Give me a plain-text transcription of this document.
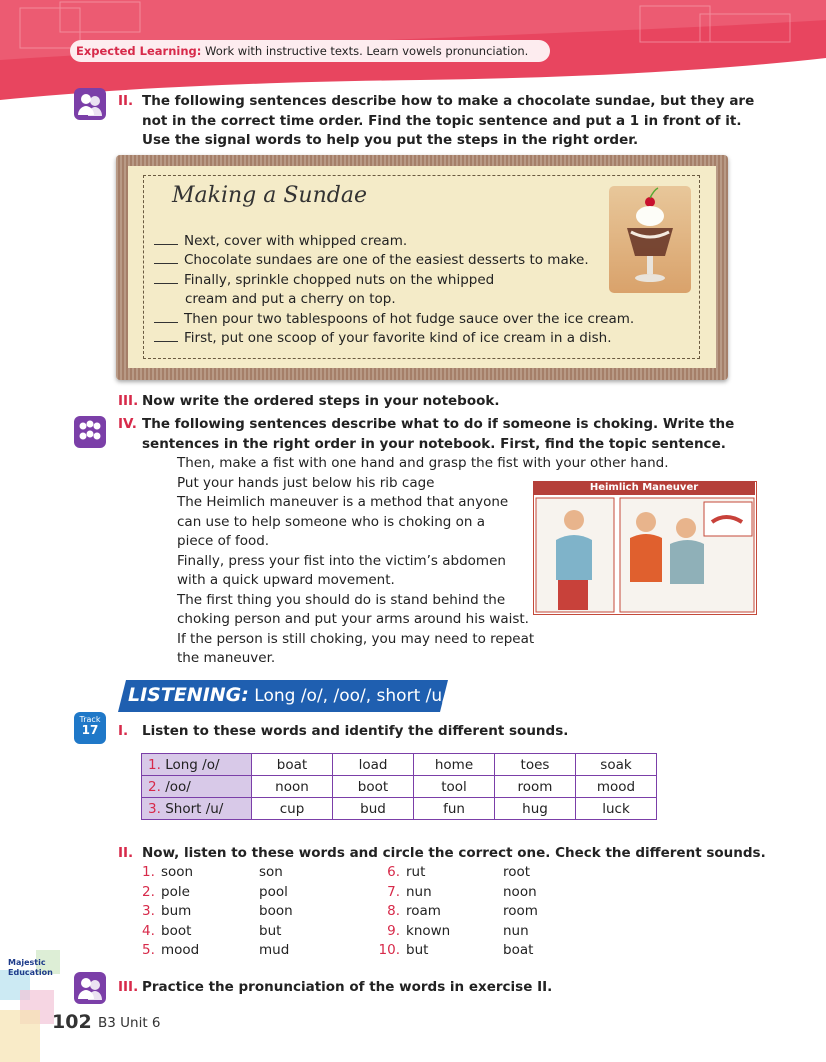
Expected Learning: Work with instructive texts. Learn vowels pronunciation.
II. The following sentences describe how to make a chocolate sundae, but they are
not in the correct time order. Find the topic sentence and put a 1 in front of it.
Use the signal words to help you put the steps in the right order.
Making a Sundae
Next, cover with whipped cream.
Chocolate sundaes are one of the easiest desserts to make.
Finally, sprinkle chopped nuts on the whipped
cream and put a cherry on top.
Then pour two tablespoons of hot fudge sauce over the ice cream.
First, put one scoop of your favorite kind of ice cream in a dish.
III. Now write the ordered steps in your notebook.
IV. The following sentences describe what to do if someone is choking. Write the
sentences in the right order in your notebook. First, find the topic sentence.
Then, make a fist with one hand and grasp the fist with your other hand.
Put your hands just below his rib cage
The Heimlich maneuver is a method that anyone
can use to help someone who is choking on a
piece of food.
Finally, press your fist into the victim’s abdomen
with a quick upward movement.
The first thing you should do is stand behind the
choking person and put your arms around his waist.
If the person is still choking, you may need to repeat
the maneuver.
Heimlich Maneuver
LISTENING: Long /o/, /oo/, short /u/
Track
17	I. Listen to these words and identify the different sounds.
1. Long /o/	boat	load	home	toes	soak
2. /oo/	noon	boot	tool	room	mood
3. Short /u/	cup	bud	fun	hug	luck
II. Now, listen to these words and circle the correct one. Check the different sounds.
1. soon	son
2. pole	pool
3. bum	boon
4. boot	but
5. mood	mud
6. rut	root
7. nun	noon
8. roam	room
9. known	nun
10. but	boat
III. Practice the pronunciation of the words in exercise II.
Majestic
Education
102 B3 Unit 6
